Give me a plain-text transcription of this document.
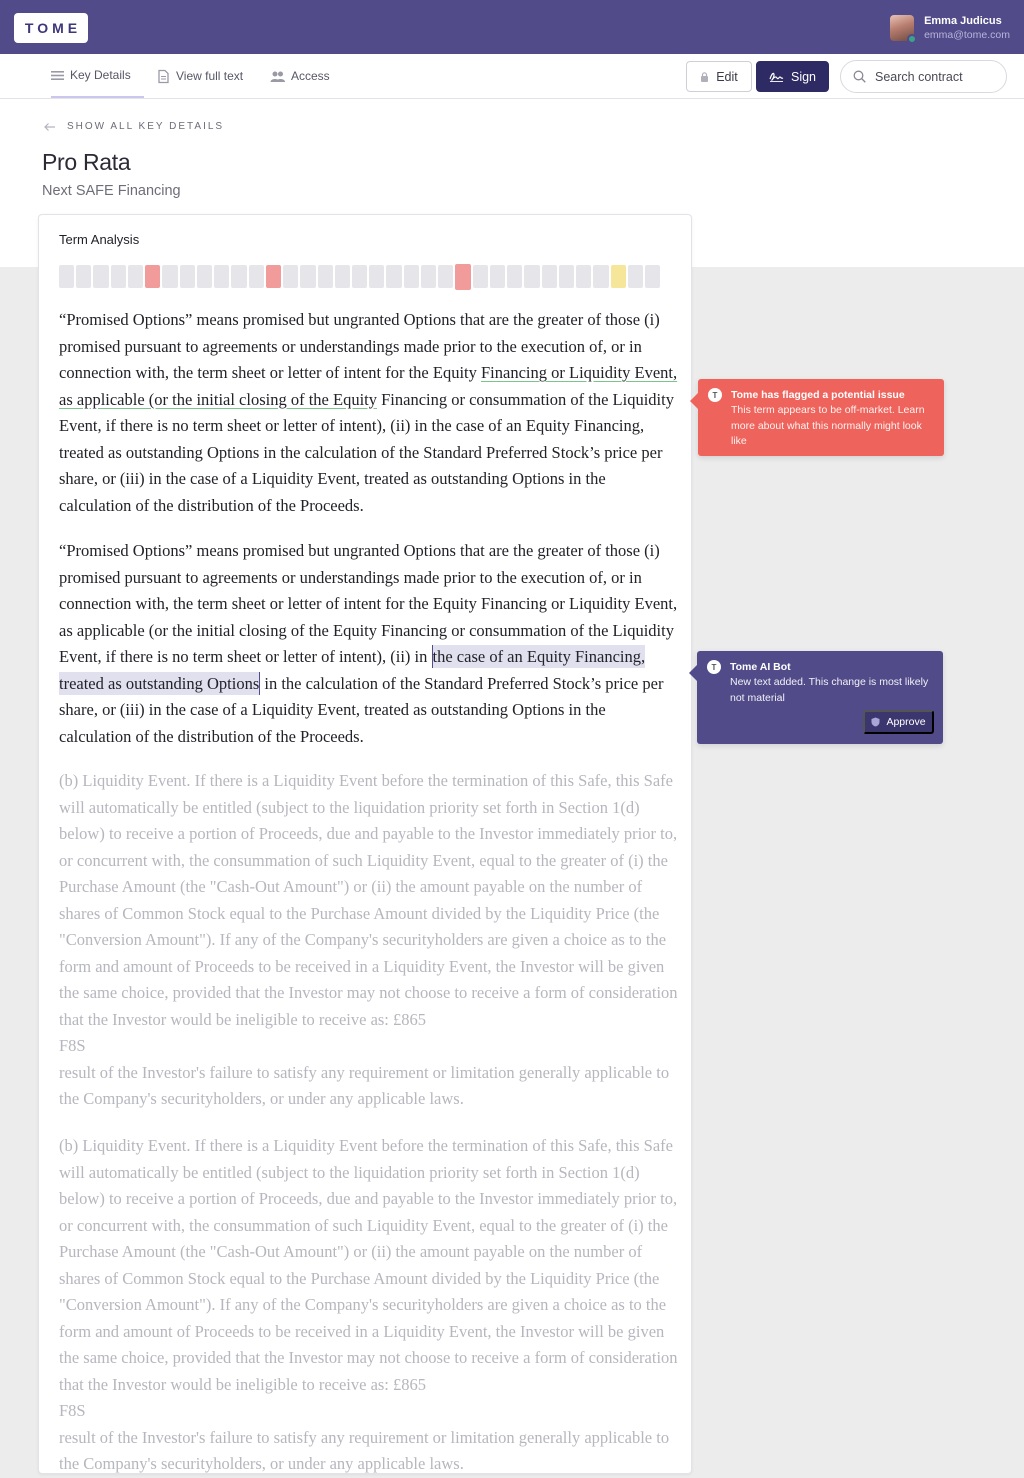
TOME	Emma Judicus
emma@tome.com
Key Details	View full text	Access	Edit	Sign
Search contract
SHOW ALL KEY DETAILS
Pro Rata
Next SAFE Financing
Term Analysis
“Promised Options” means promised but ungranted Options that are the greater of those (i) promised pursuant to agreements or understandings made prior to the execution of, or in connection with, the term sheet or letter of intent for the Equity Financing or Liquidity Event, as applicable (or the initial closing of the Equity Financing or consummation of the Liquidity Event, if there is no term sheet or letter of intent), (ii) in the case of an Equity Financing, treated as outstanding Options in the calculation of the Standard Preferred Stock’s price per share, or (iii) in the case of a Liquidity Event, treated as outstanding Options in the calculation of the distribution of the Proceeds.
“Promised Options” means promised but ungranted Options that are the greater of those (i) promised pursuant to agreements or understandings made prior to the execution of, or in connection with, the term sheet or letter of intent for the Equity Financing or Liquidity Event, as applicable (or the initial closing of the Equity Financing or consummation of the Liquidity Event, if there is no term sheet or letter of intent), (ii) in the case of an Equity Financing, treated as outstanding Options in the calculation of the Standard Preferred Stock’s price per share, or (iii) in the case of a Liquidity Event, treated as outstanding Options in the calculation of the distribution of the Proceeds.
(b) Liquidity Event. If there is a Liquidity Event before the termination of this Safe, this Safe will automatically be entitled (subject to the liquidation priority set forth in Section 1(d) below) to receive a portion of Proceeds, due and payable to the Investor immediately prior to, or concurrent with, the consummation of such Liquidity Event, equal to the greater of (i) the Purchase Amount (the "Cash-Out Amount") or (ii) the amount payable on the number of shares of Common Stock equal to the Purchase Amount divided by the Liquidity Price (the "Conversion Amount"). If any of the Company's securityholders are given a choice as to the form and amount of Proceeds to be received in a Liquidity Event, the Investor will be given the same choice, provided that the Investor may not choose to receive a form of consideration that the Investor would be ineligible to receive as: £865
F8S
result of the Investor's failure to satisfy any requirement or limitation generally applicable to the Company's securityholders, or under any applicable laws.
(b) Liquidity Event. If there is a Liquidity Event before the termination of this Safe, this Safe will automatically be entitled (subject to the liquidation priority set forth in Section 1(d) below) to receive a portion of Proceeds, due and payable to the Investor immediately prior to, or concurrent with, the consummation of such Liquidity Event, equal to the greater of (i) the Purchase Amount (the "Cash-Out Amount") or (ii) the amount payable on the number of shares of Common Stock equal to the Purchase Amount divided by the Liquidity Price (the "Conversion Amount"). If any of the Company's securityholders are given a choice as to the form and amount of Proceeds to be received in a Liquidity Event, the Investor will be given the same choice, provided that the Investor may not choose to receive a form of consideration that the Investor would be ineligible to receive as: £865
F8S
result of the Investor's failure to satisfy any requirement or limitation generally applicable to the Company's securityholders, or under any applicable laws.
T	Tome has flagged a potential issue
This term appears to be off-market. Learn more about what this normally might look like
T	Tome AI Bot
New text added. This change is most likely not material
Approve
